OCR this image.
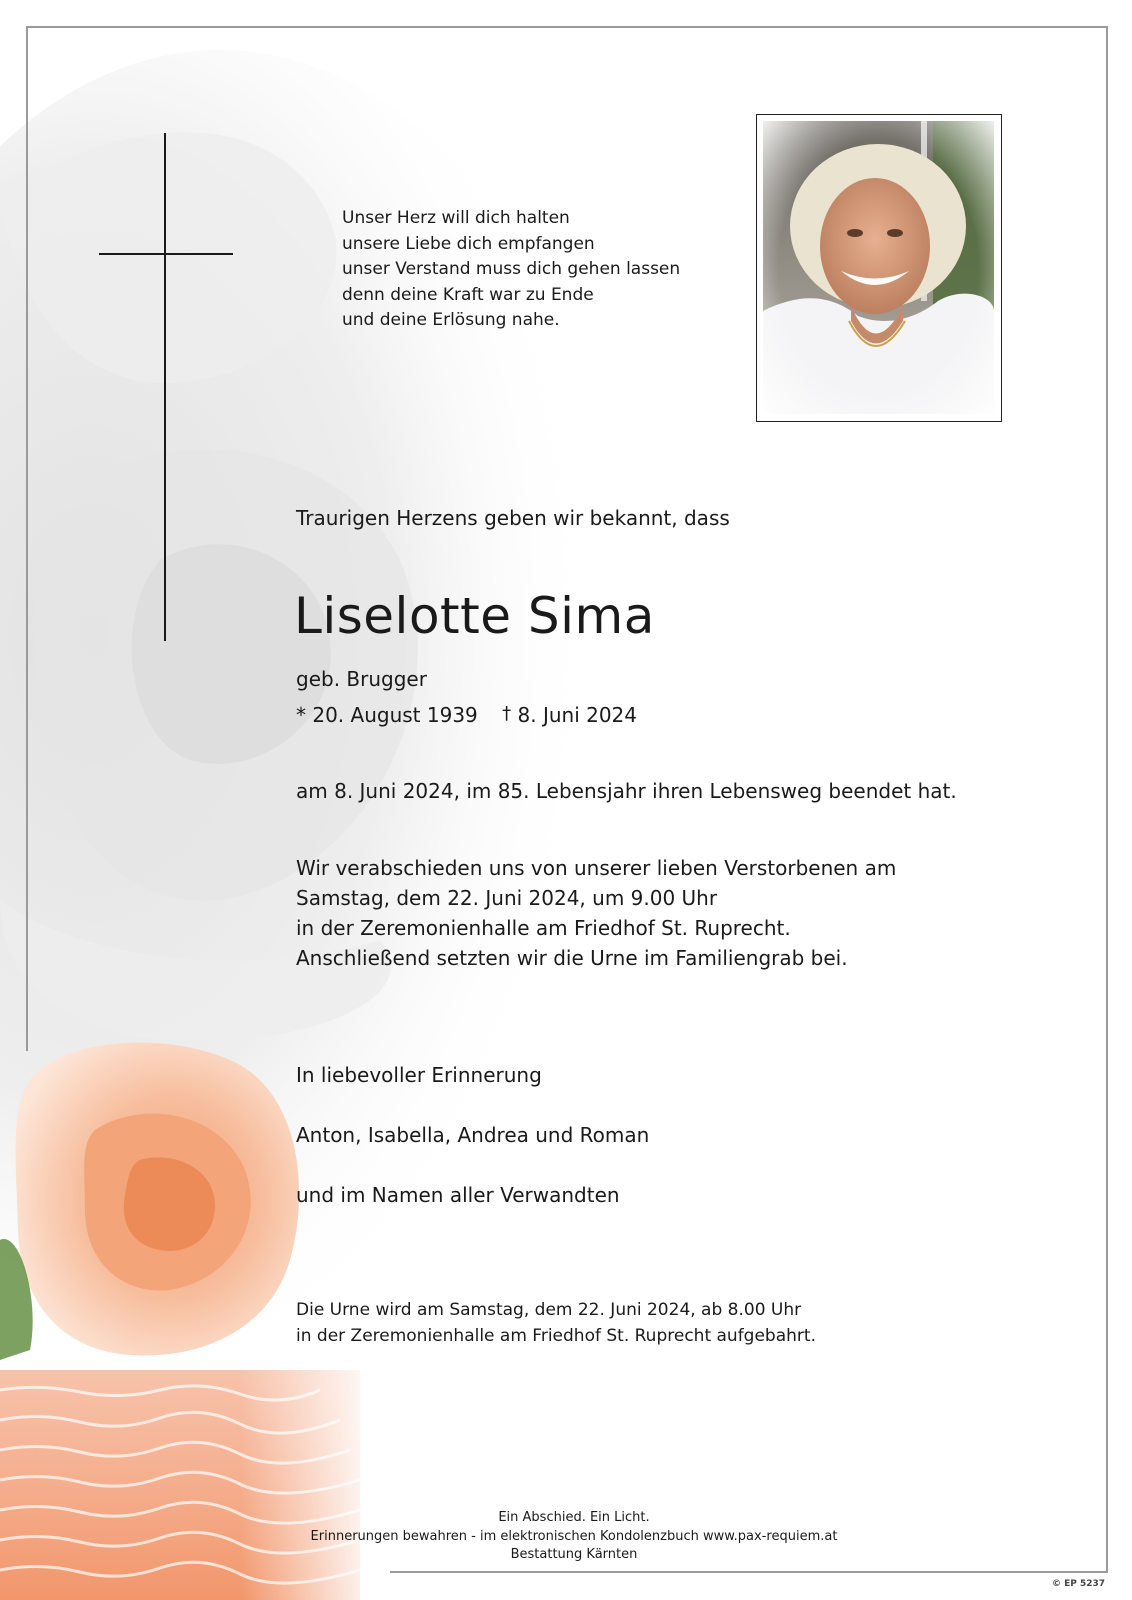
Unser Herz will dich halten
unsere Liebe dich empfangen
unser Verstand muss dich gehen lassen
denn deine Kraft war zu Ende
und deine Erlösung nahe.
Traurigen Herzens geben wir bekannt, dass
Liselotte Sima
geb. Brugger
* 20. August 1939 † 8. Juni 2024
am 8. Juni 2024, im 85. Lebensjahr ihren Lebensweg beendet hat.
Wir verabschieden uns von unserer lieben Verstorbenen am
Samstag, dem 22. Juni 2024, um 9.00 Uhr
in der Zeremonienhalle am Friedhof St. Ruprecht.
Anschließend setzten wir die Urne im Familiengrab bei.
In liebevoller Erinnerung
Anton, Isabella, Andrea und Roman
und im Namen aller Verwandten
Die Urne wird am Samstag, dem 22. Juni 2024, ab 8.00 Uhr
in der Zeremonienhalle am Friedhof St. Ruprecht aufgebahrt.
Ein Abschied. Ein Licht.
Erinnerungen bewahren - im elektronischen Kondolenzbuch www.pax-requiem.at
Bestattung Kärnten
© EP 5237
